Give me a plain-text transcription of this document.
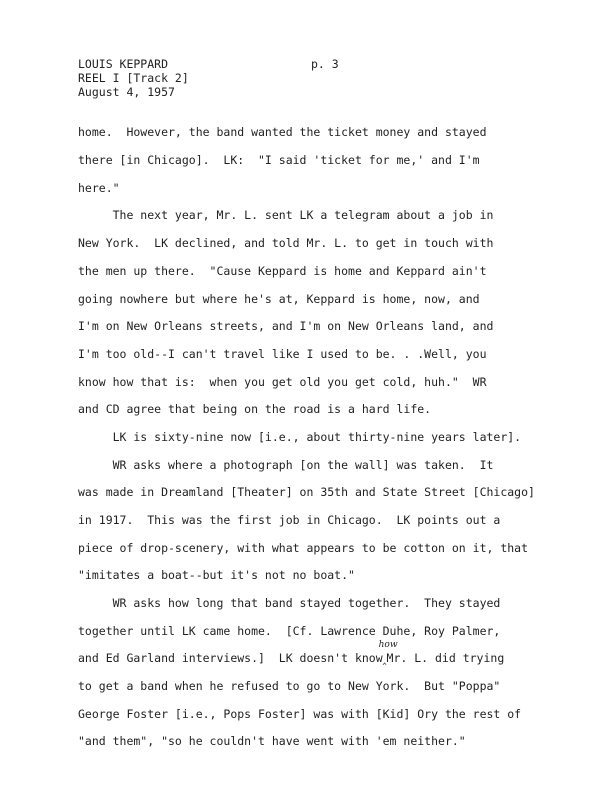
LOUIS KEPPARD
REEL I [Track 2]
August 4, 1957
p. 3
home.  However, the band wanted the ticket money and stayed
there [in Chicago].  LK:  "I said 'ticket for me,' and I'm
here."
The next year, Mr. L. sent LK a telegram about a job in
New York.  LK declined, and told Mr. L. to get in touch with
the men up there.  "Cause Keppard is home and Keppard ain't
going nowhere but where he's at, Keppard is home, now, and
I'm on New Orleans streets, and I'm on New Orleans land, and
I'm too old--I can't travel like I used to be. . .Well, you
know how that is:  when you get old you get cold, huh."  WR
and CD agree that being on the road is a hard life.
LK is sixty-nine now [i.e., about thirty-nine years later].
WR asks where a photograph [on the wall] was taken.  It
was made in Dreamland [Theater] on 35th and State Street [Chicago]
in 1917.  This was the first job in Chicago.  LK points out a
piece of drop-scenery, with what appears to be cotton on it, that
"imitates a boat--but it's not no boat."
WR asks how long that band stayed together.  They stayed
together until LK came home.  [Cf. Lawrence Duhe, Roy Palmer,
and Ed Garland interviews.]  LK doesn't know‸
how
Mr. L. did trying
to get a band when he refused to go to New York.  But "Poppa"
George Foster [i.e., Pops Foster] was with [Kid] Ory the rest of
"and them", "so he couldn't have went with 'em neither."
